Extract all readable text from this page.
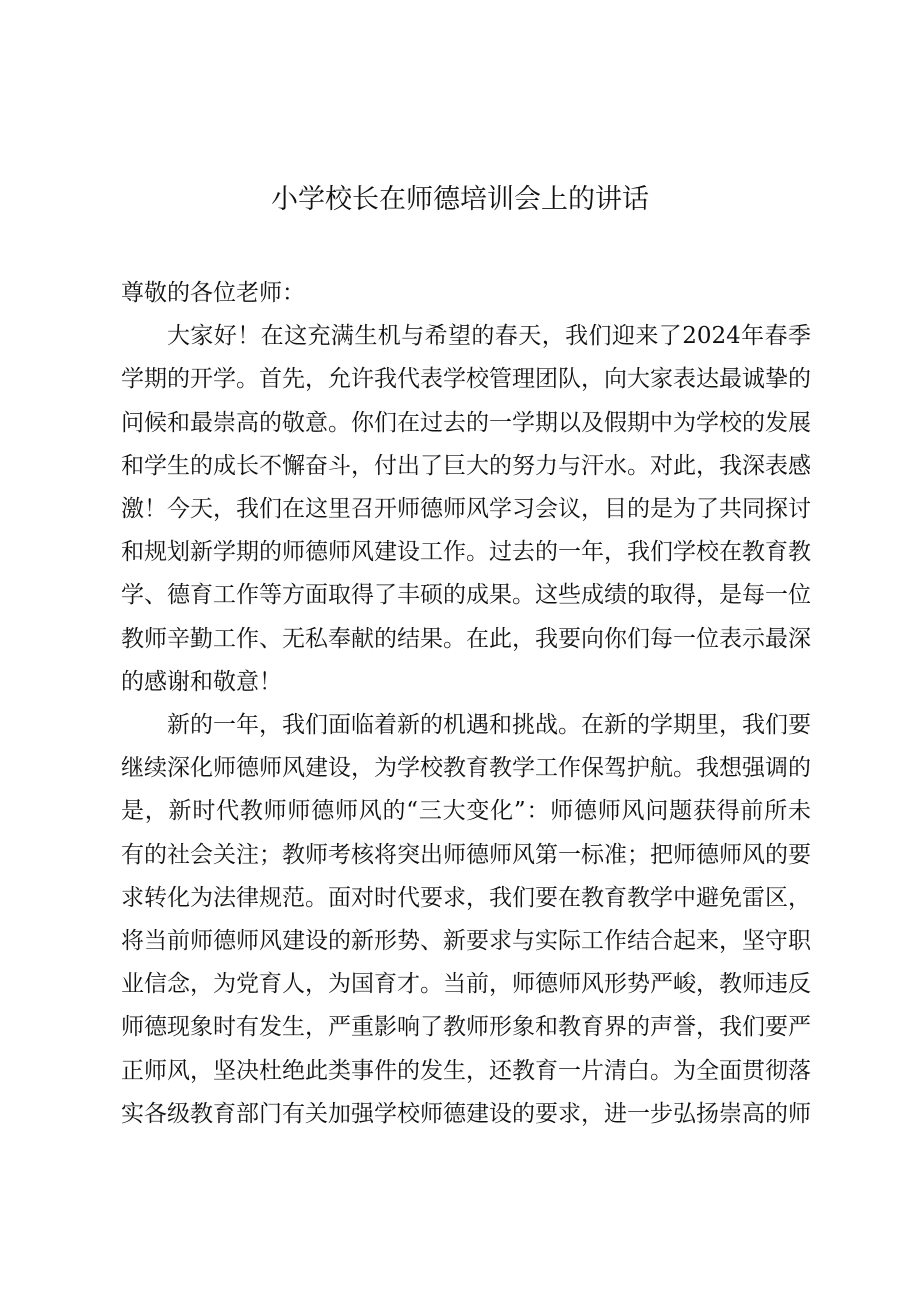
小学校长在师德培训会上的讲话

尊敬的各位老师：

大家好！在这充满生机与希望的春天，我们迎来了2024年春季学期的开学。首先，允许我代表学校管理团队，向大家表达最诚挚的问候和最崇高的敬意。你们在过去的一学期以及假期中为学校的发展和学生的成长不懈奋斗，付出了巨大的努力与汗水。对此，我深表感激！今天，我们在这里召开师德师风学习会议，目的是为了共同探讨和规划新学期的师德师风建设工作。过去的一年，我们学校在教育教学、德育工作等方面取得了丰硕的成果。这些成绩的取得，是每一位教师辛勤工作、无私奉献的结果。在此，我要向你们每一位表示最深的感谢和敬意！

新的一年，我们面临着新的机遇和挑战。在新的学期里，我们要继续深化师德师风建设，为学校教育教学工作保驾护航。我想强调的是，新时代教师师德师风的“三大变化”：师德师风问题获得前所未有的社会关注；教师考核将突出师德师风第一标准；把师德师风的要求转化为法律规范。面对时代要求，我们要在教育教学中避免雷区，将当前师德师风建设的新形势、新要求与实际工作结合起来，坚守职业信念，为党育人，为国育才。当前，师德师风形势严峻，教师违反师德现象时有发生，严重影响了教师形象和教育界的声誉，我们要严正师风，坚决杜绝此类事件的发生，还教育一片清白。为全面贯彻落实各级教育部门有关加强学校师德建设的要求，进一步弘扬崇高的师
